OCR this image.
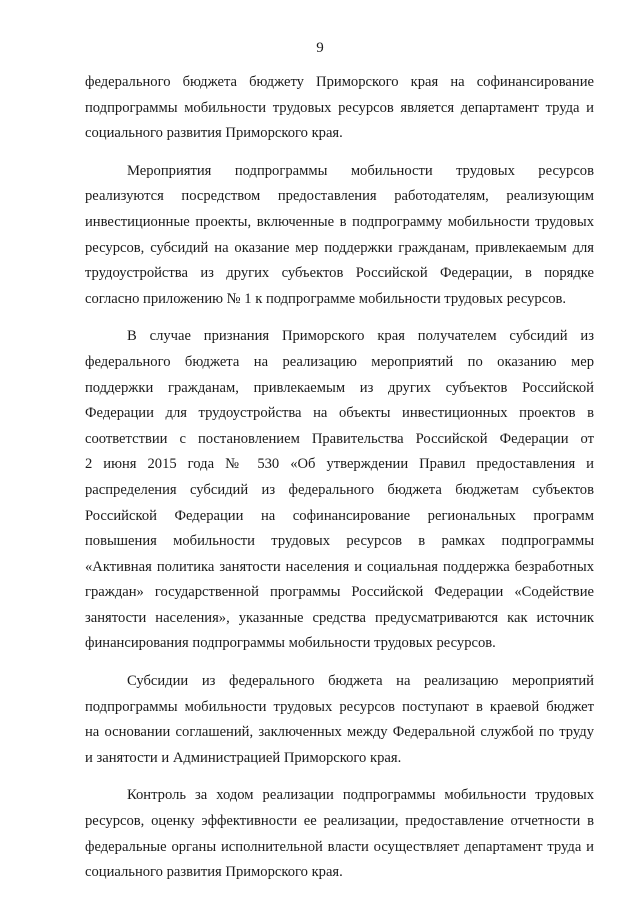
9

федерального бюджета бюджету Приморского края на софинансирование
подпрограммы мобильности трудовых ресурсов является департамент труда и
социального развития Приморского края.

Мероприятия подпрограммы мобильности трудовых ресурсов
реализуются посредством предоставления работодателям, реализующим
инвестиционные проекты, включенные в подпрограмму мобильности трудовых
ресурсов, субсидий на оказание мер поддержки гражданам, привлекаемым для
трудоустройства из других субъектов Российской Федерации, в порядке
согласно приложению № 1 к подпрограмме мобильности трудовых ресурсов.

В случае признания Приморского края получателем субсидий из
федерального бюджета на реализацию мероприятий по оказанию мер
поддержки гражданам, привлекаемым из других субъектов Российской
Федерации для трудоустройства на объекты инвестиционных проектов в
соответствии с постановлением Правительства Российской Федерации от
2 июня 2015 года № 530 «Об утверждении Правил предоставления и
распределения субсидий из федерального бюджета бюджетам субъектов
Российской Федерации на софинансирование региональных программ
повышения мобильности трудовых ресурсов в рамках подпрограммы
«Активная политика занятости населения и социальная поддержка безработных
граждан» государственной программы Российской Федерации «Содействие
занятости населения», указанные средства предусматриваются как источник
финансирования подпрограммы мобильности трудовых ресурсов.

Субсидии из федерального бюджета на реализацию мероприятий
подпрограммы мобильности трудовых ресурсов поступают в краевой бюджет
на основании соглашений, заключенных между Федеральной службой по труду
и занятости и Администрацией Приморского края.

Контроль за ходом реализации подпрограммы мобильности трудовых
ресурсов, оценку эффективности ее реализации, предоставление отчетности в
федеральные органы исполнительной власти осуществляет департамент труда и
социального развития Приморского края.
